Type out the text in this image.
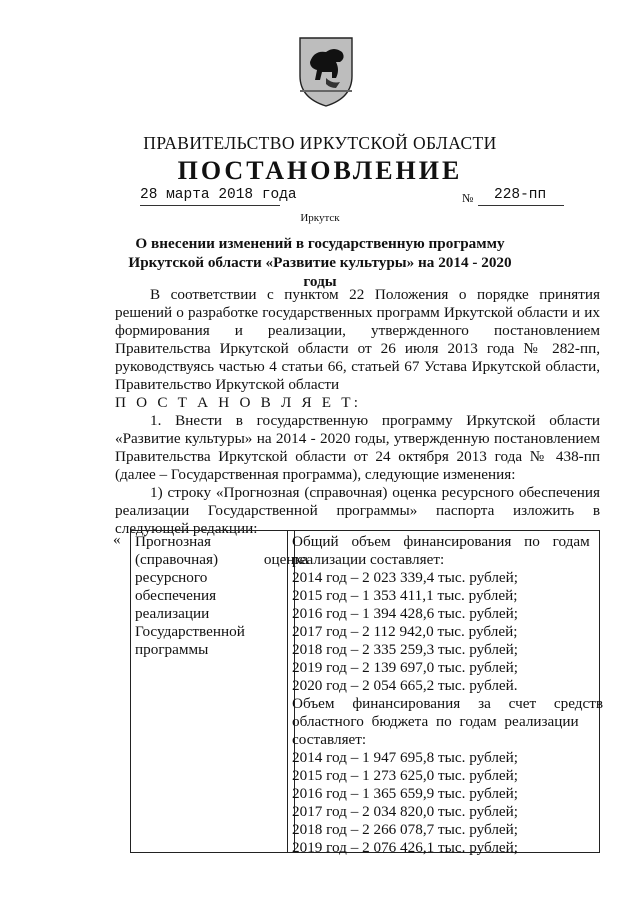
ПРАВИТЕЛЬСТВО ИРКУТСКОЙ ОБЛАСТИ
ПОСТАНОВЛЕНИЕ
28 марта 2018 года	№ 228-пп
Иркутск
О внесении изменений в государственную программу Иркутской области «Развитие культуры» на 2014 - 2020 годы

В соответствии с пунктом 22 Положения о порядке принятия решений о разработке государственных программ Иркутской области и их формирования и реализации, утвержденного постановлением Правительства Иркутской области от 26 июля 2013 года № 282-пп, руководствуясь частью 4 статьи 66, статьей 67 Устава Иркутской области, Правительство Иркутской области

П О С Т А Н О В Л Я Е Т:

1. Внести в государственную программу Иркутской области «Развитие культуры» на 2014 - 2020 годы, утвержденную постановлением Правительства Иркутской области от 24 октября 2013 года № 438-пп (далее – Государственная программа), следующие изменения:

1) строку «Прогнозная (справочная) оценка ресурсного обеспечения реализации Государственной программы» паспорта изложить в следующей редакции:

« Прогнозная
(справочная) оценка
ресурсного
обеспечения
реализации
Государственной
программы
Общий объем финансирования по годам
реализации составляет:
2014 год – 2 023 339,4 тыс. рублей;
2015 год – 1 353 411,1 тыс. рублей;
2016 год – 1 394 428,6 тыс. рублей;
2017 год – 2 112 942,0 тыс. рублей;
2018 год – 2 335 259,3 тыс. рублей;
2019 год – 2 139 697,0 тыс. рублей;
2020 год – 2 054 665,2 тыс. рублей.
Объем финансирования за счет средств
областного бюджета по годам реализации
составляет:
2014 год – 1 947 695,8 тыс. рублей;
2015 год – 1 273 625,0 тыс. рублей;
2016 год – 1 365 659,9 тыс. рублей;
2017 год – 2 034 820,0 тыс. рублей;
2018 год – 2 266 078,7 тыс. рублей;
2019 год – 2 076 426,1 тыс. рублей;
